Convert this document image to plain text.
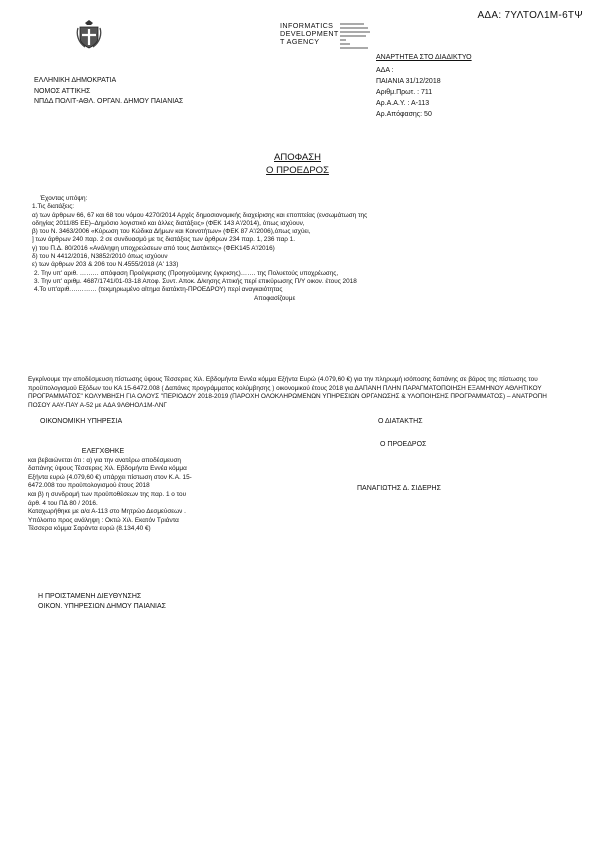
ΑΔΑ: 7ΥΛΤΟΛ1Μ-6ΤΨ
INFORMATICS
DEVELOPMENT
T AGENCY
ΑΝΑΡΤΗΤΕΑ ΣΤΟ ΔΙΑΔΙΚΤΥΟ
ΑΔΑ :
ΠΑΙΑΝΙΑ 31/12/2018
Αριθμ.Πρωτ. : 711
Αρ.Α.Α.Υ. : Α-113
Αρ.Απόφασης: 50
ΕΛΛΗΝΙΚΗ ΔΗΜΟΚΡΑΤΙΑ
ΝΟΜΟΣ ΑΤΤΙΚΗΣ
ΝΠΔΔ ΠΟΛΙΤ-ΑΘΛ. ΟΡΓΑΝ. ΔΗΜΟΥ ΠΑΙΑΝΙΑΣ
ΑΠΟΦΑΣΗ
Ο ΠΡΟΕΔΡΟΣ
Έχοντας υπόψη:
1.Τις διατάξεις:
α) των άρθρων 66, 67 και 68 του νόμου 4270/2014 Αρχές δημοσιονομικής διαχείρισης και εποπτείας (ενσωμάτωση της
οδηγίας 2011/85 ΕΕ)–Δημόσιο λογιστικό και άλλες διατάξεις» (ΦΕΚ 143 Α'/2014), όπως ισχύουν,
β) του Ν. 3463/2006 «Κύρωση του Κώδικα Δήμων και Κοινοτήτων» (ΦΕΚ 87 Α'/2006),όπως ισχύει,
] των άρθρων 240 παρ. 2 σε συνδυασμό με τις διατάξεις των άρθρων 234 παρ. 1, 236 παρ 1.
γ) του Π.Δ. 80/2016 «Ανάληψη υποχρεώσεων από τους Διατάκτες» (ΦΕΚ145 Α'/2016)
δ) του Ν 4412/2016, Ν3852/2010 όπως ισχύουν
ε) των άρθρων 203 & 206 του Ν.4555/2018 (Α' 133)
2. Την υπ' αριθ. ……… απόφαση Προέγκρισης (Προηγούμενης έγκρισης)……. της Πολυετούς υποχρέωσης,
3. Την υπ' αριθμ. 4687/1741/01-03-18 Αποφ. Συντ. Αποκ. Δ/κησης Αττικής περί επικύρωσης Π/Υ οικον. έτους 2018
4.Το υπ'αριθ.………… (τεκμηριωμένο αίτημα διατάκτη-ΠΡΟΕΔΡΟΥ) περί αναγκαιότητας
Αποφασίζουμε
Εγκρίνουμε την αποδέσμευση πίστωσης ύψους Τέσσερεις Χιλ. Εβδομήντα Εννέα κόμμα Εξήντα Ευρώ (4.079,60 €) για την πληρωμή ισόποσης δαπάνης σε βάρος της πίστωσης του προϋπολογισμού Εξόδων του ΚΑ 15-6472.008 ( Δαπάνες προγράμματος κολύμβησης ) οικονομικού έτους 2018 για ΔΑΠΑΝΗ ΠΛΗΝ ΠΑΡΑΓΜΑΤΟΠΟΙΗΣΗ ΕΞΑΜΗΝΟΥ ΑΘΛΗΤΙΚΟΥ ΠΡΟΓΡΑΜΜΑΤΟΣ" ΚΟΛΥΜΒΗΣΗ ΓΙΑ ΟΛΟΥΣ "ΠΕΡΙΟΔΟΥ 2018-2019 (ΠΑΡΟΧΗ ΟΛΟΚΛΗΡΩΜΕΝΩΝ ΥΠΗΡΕΣΙΩΝ ΟΡΓΑΝΩΣΗΣ & ΥΛΟΠΟΙΗΣΗΣ ΠΡΟΓΡΑΜΜΑΤΟΣ) – ΑΝΑΤΡΟΠΗ ΠΟΣΟΥ ΑΑΥ-ΠΑΥ Α-52 με ΑΔΑ 9ΛΘΗΟΛ1Μ-ΛΝΓ
ΟΙΚΟΝΟΜΙΚΗ ΥΠΗΡΕΣΙΑ	Ο ΔΙΑΤΑΚΤΗΣ
Ο ΠΡΟΕΔΡΟΣ
ΠΑΝΑΓΙΩΤΗΣ Δ. ΣΙΔΕΡΗΣ
ΕΛΕΓΧΘΗΚΕ
και βεβαιώνεται ότι : α) για την ανατέρω αποδέσμευση
δαπάνης ύψους Τέσσερεις Χιλ. Εβδομήντα Εννέα κόμμα
Εξήντα ευρώ (4.079,60 €) υπάρχει πίστωση στον Κ.Α. 15-
6472.008 του προϋπολογισμού έτους 2018
και β) η συνδρομή των προϋποθέσεων της παρ. 1 ο του
άρθ. 4 του ΠΔ 80 / 2016.
Καταχωρήθηκε με α/α Α-113 στο Μητρώο Δεσμεύσεων .
Υπόλοιπο προς ανάληψη : Οκτώ Χιλ. Εκατόν Τριάντα
Τέσσερα κόμμα Σαράντα ευρώ (8.134,40 €)
Η ΠΡΟΙΣΤΑΜΕΝΗ ΔΙΕΥΘΥΝΣΗΣ
ΟΙΚΟΝ. ΥΠΗΡΕΣΙΩΝ ΔΗΜΟΥ ΠΑΙΑΝΙΑΣ
